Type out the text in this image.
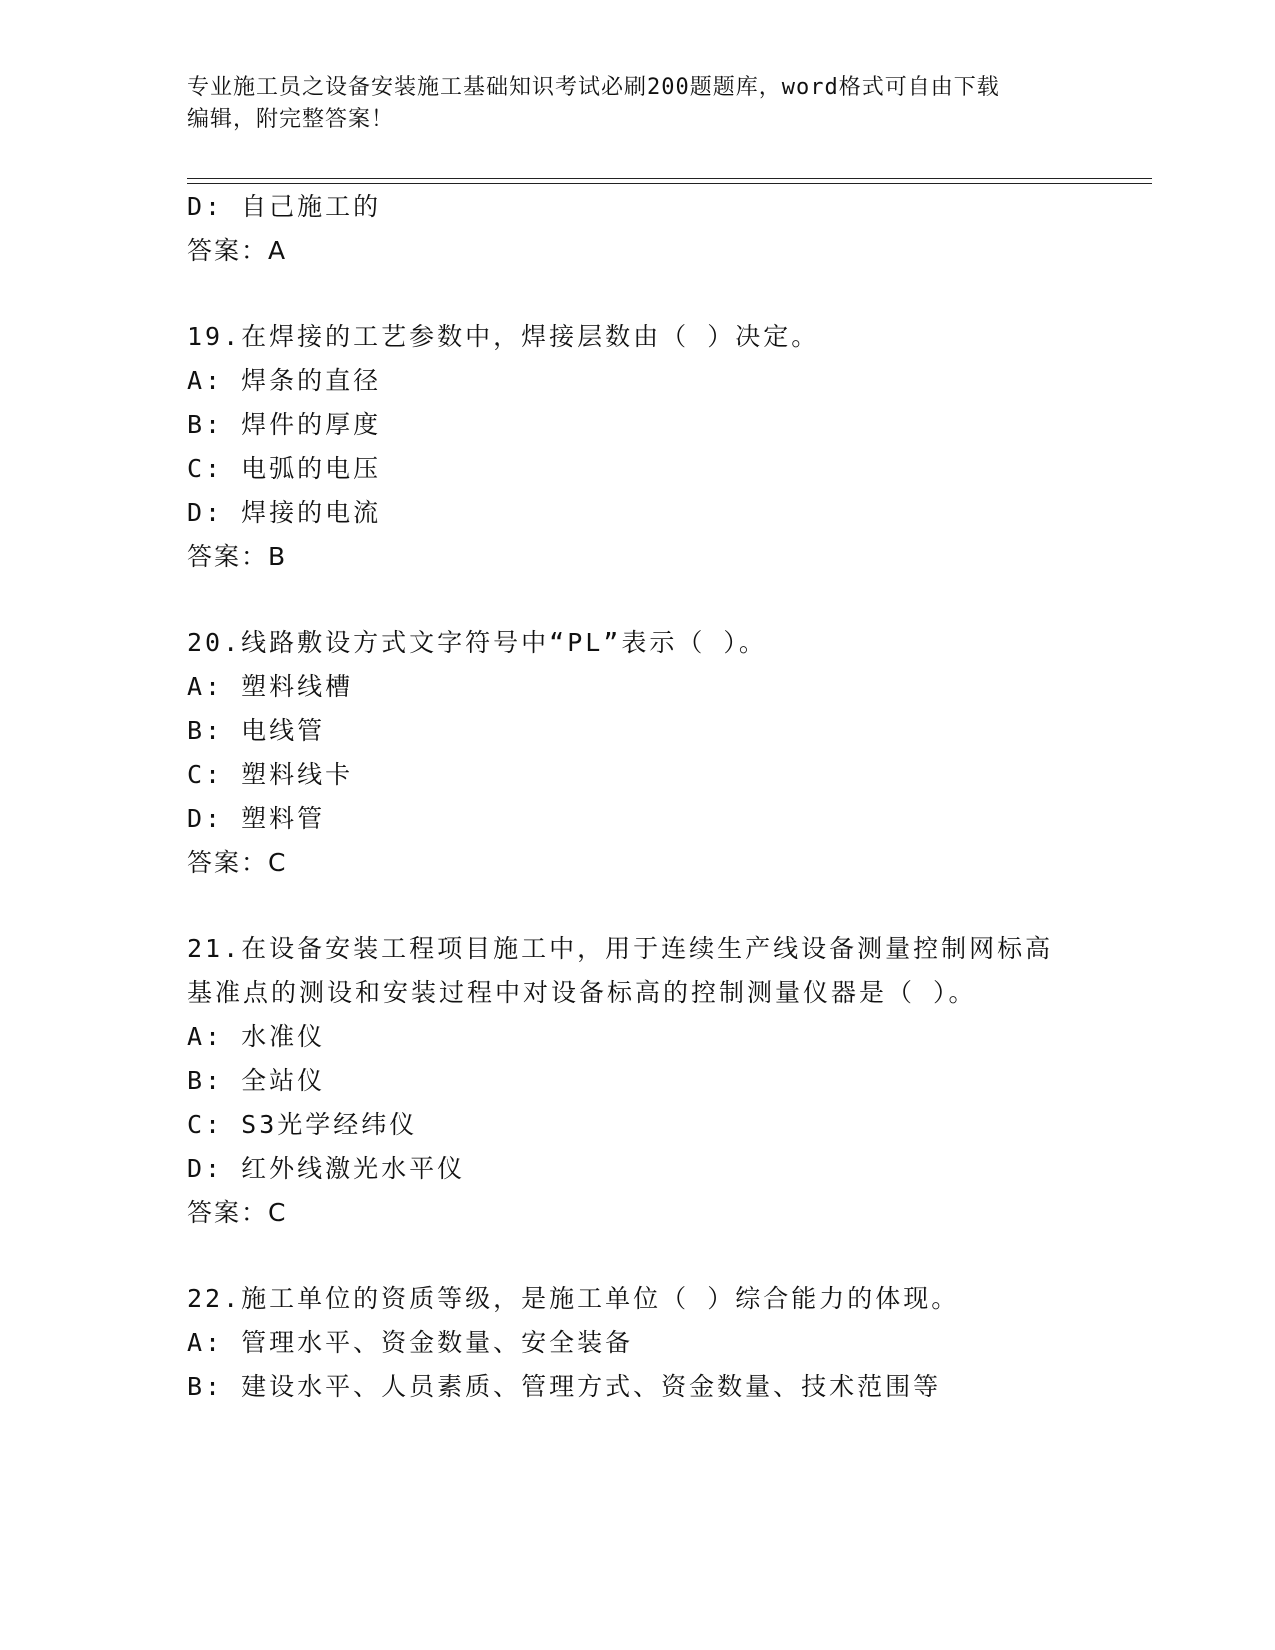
专业施工员之设备安装施工基础知识考试必刷200题题库，word格式可自由下载
编辑，附完整答案！
D: 自己施工的
答案：A
19.在焊接的工艺参数中，焊接层数由（ ）决定。
A: 焊条的直径
B: 焊件的厚度
C: 电弧的电压
D: 焊接的电流
答案：B
20.线路敷设方式文字符号中“PL”表示（ ）。
A: 塑料线槽
B: 电线管
C: 塑料线卡
D: 塑料管
答案：C
21.在设备安装工程项目施工中，用于连续生产线设备测量控制网标高
基准点的测设和安装过程中对设备标高的控制测量仪器是（ ）。
A: 水准仪
B: 全站仪
C: S3光学经纬仪
D: 红外线激光水平仪
答案：C
22.施工单位的资质等级，是施工单位（ ）综合能力的体现。
A: 管理水平、资金数量、安全装备
B: 建设水平、人员素质、管理方式、资金数量、技术范围等
